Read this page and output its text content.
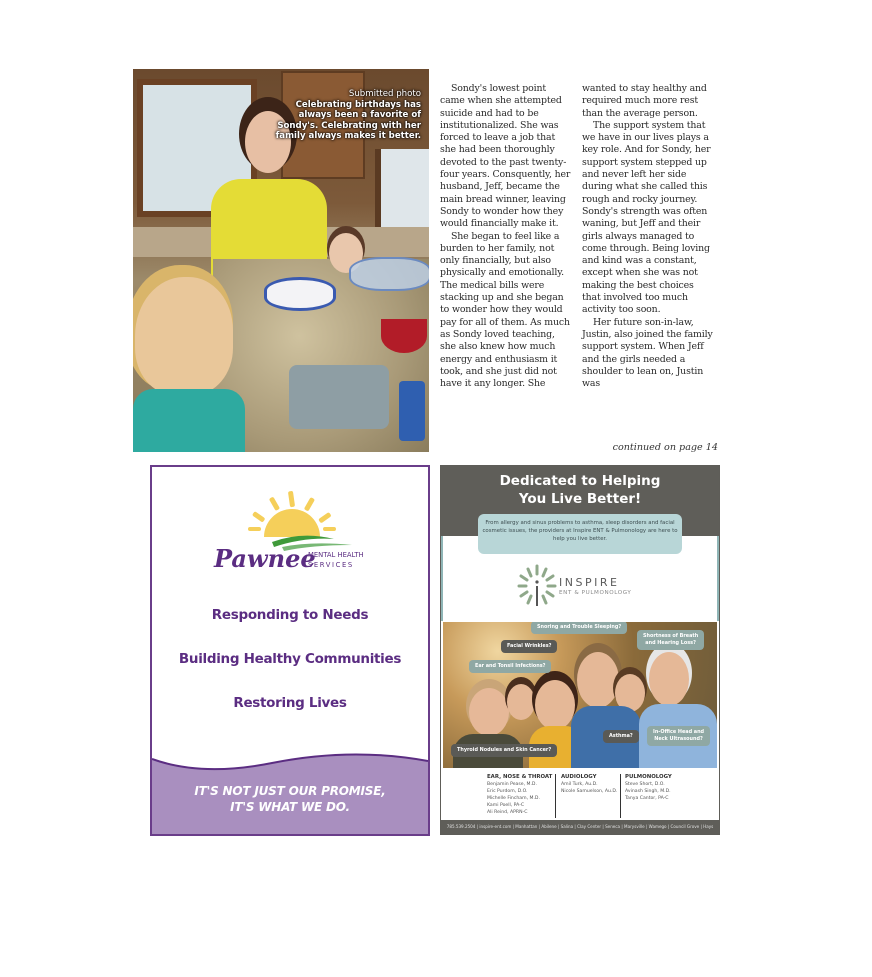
Submitted photo
Celebrating birthdays has
always been a favorite of
Sondy's. Celebrating with her
family always makes it better.

Sondy's lowest point came when she attempted suicide and had to be institutionalized. She was forced to leave a job that she had been thoroughly devoted to the past twenty-four years. Consquently, her husband, Jeff, became the main bread winner, leaving Sondy to wonder how they would financially make it.

She began to feel like a burden to her family, not only financially, but also physically and emotionally. The medical bills were stacking up and she began to wonder how they would pay for all of them. As much as Sondy loved teaching, she also knew how much energy and enthusiasm it took, and she just did not have it any longer. She

wanted to stay healthy and required much more rest than the average person.

The support system that we have in our lives plays a key role. And for Sondy, her support system stepped up and never left her side during what she called this rough and rocky journey. Sondy's strength was often waning, but Jeff and their girls always managed to come through. Being loving and kind was a constant, except when she was not making the best choices that involved too much activity too soon.

Her future son-in-law, Justin, also joined the family support system. When Jeff and the girls needed a shoulder to lean on, Justin was

continued on page 14
Pawnee
MENTAL HEALTH
SERVICES
Responding to Needs
Building Healthy Communities
Restoring Lives
IT'S NOT JUST OUR PROMISE,
IT'S WHAT WE DO.
Dedicated to Helping
You Live Better!
From allergy and sinus problems to asthma, sleep disorders and facial cosmetic issues, the providers at Inspire ENT & Pulmonology are here to help you live better.
INSPIRE
ENT & PULMONOLOGY
Snoring and Trouble Sleeping?
Facial Wrinkles?
Ear and Tonsil Infections?
Shortness of Breath
and Hearing Loss?
Asthma?
In-Office Head and
Neck Ultrasound?
Thyroid Nodules and Skin Cancer?
EAR, NOSE & THROAT
Benjamin Pease, M.D.
Eric Purdom, D.O.
Michelle Fincham, M.D.
Kami Poell, PA-C
Ali Reind, APRN-C
AUDIOLOGY
Amil Turk, Au.D.
Nicole Samuelson, Au.D.
PULMONOLOGY
Steve Short, D.O.
Avinash Singh, M.D.
Tanya Cantor, PA-C
785.539.2504 | inspire-ent.com | Manhattan | Abilene | Salina | Clay Center | Seneca | Marysville | Wamego | Council Grove | Hays
